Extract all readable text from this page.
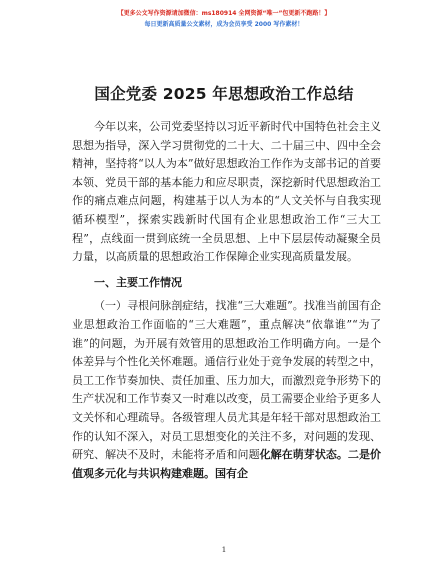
【更多公文写作资源请加微信：ms180914 全网资源“唯一”包更新不跑路！】
每日更新高质量公文素材，成为会员享受 2000 写作素材！
国企党委 2025 年思想政治工作总结

今年以来，公司党委坚持以习近平新时代中国特色社会主义思想为指导，深入学习贯彻党的二十大、二十届三中、四中全会精神，坚持将“以人为本”做好思想政治工作作为支部书记的首要本领、党员干部的基本能力和应尽职责，深挖新时代思想政治工作的痛点难点问题，构建基于以人为本的“人文关怀与自我实现循环模型”，探索实践新时代国有企业思想政治工作“三大工程”，点线面一贯到底统一全员思想、上中下层层传动凝聚全员力量，以高质量的思想政治工作保障企业实现高质量发展。

一、主要工作情况

（一）寻根问脉剖症结，找准“三大难题”。找准当前国有企业思想政治工作面临的“三大难题”，重点解决“依靠谁”“为了谁”的问题，为开展有效管用的思想政治工作明确方向。一是个体差异与个性化关怀难题。通信行业处于竞争发展的转型之中，员工工作节奏加快、责任加重、压力加大，而激烈竞争形势下的生产状况和工作节奏又一时难以改变，员工需要企业给予更多人文关怀和心理疏导。各级管理人员尤其是年轻干部对思想政治工作的认知不深入，对员工思想变化的关注不多，对问题的发现、研究、解决不及时，未能将矛盾和问题化解在萌芽状态。二是价值观多元化与共识构建难题。国有企

1
